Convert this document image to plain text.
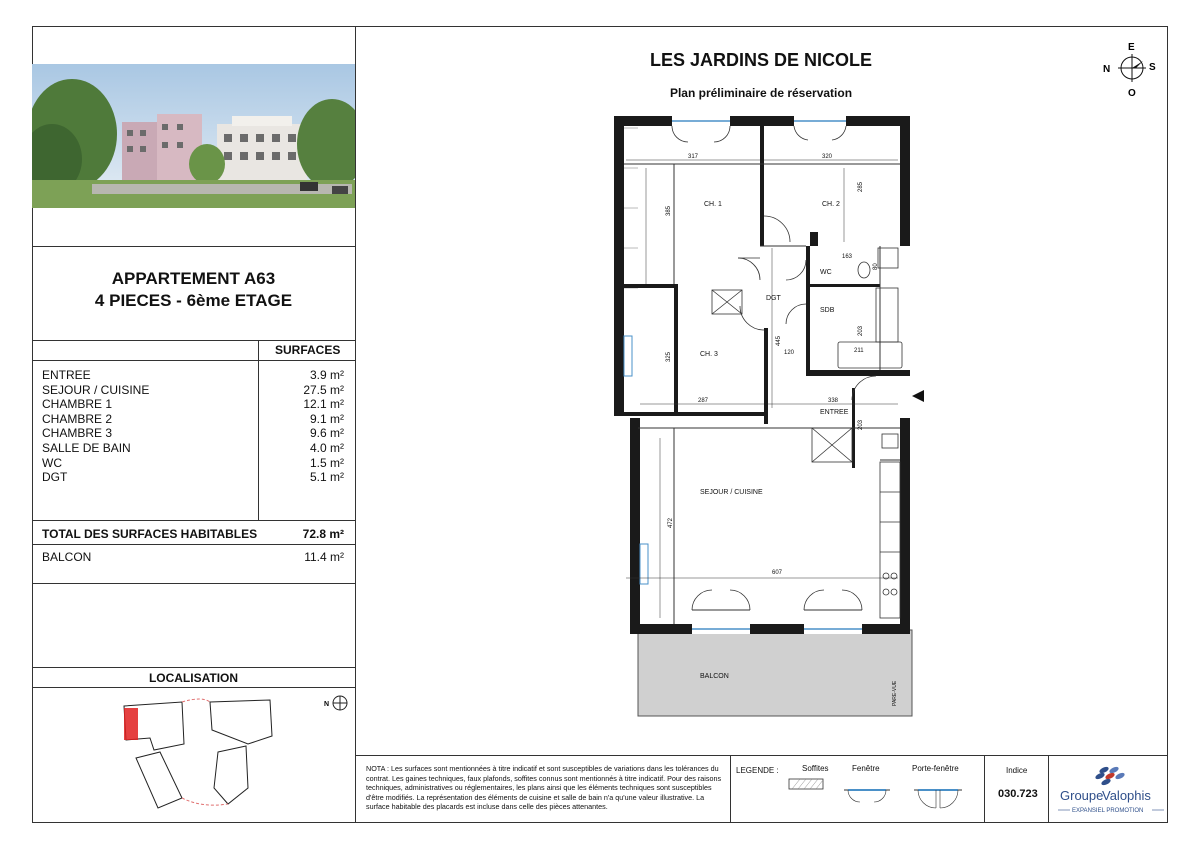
APPARTEMENT A63
4 PIECES - 6ème ETAGE
SURFACES
ENTREE	3.9 m²
SEJOUR / CUISINE	27.5 m²
CHAMBRE 1	12.1 m²
CHAMBRE 2	9.1 m²
CHAMBRE 3	9.6 m²
SALLE DE BAIN	4.0 m²
WC	1.5 m²
DGT	5.1 m²
TOTAL DES SURFACES HABITABLES	72.8 m²
BALCON	11.4 m²
LOCALISATION
N
LES JARDINS DE NICOLE
Plan préliminaire de réservation
E
N	S
O
317	320
385
285
163
80
203
211
325
445
120
287	338
203
472
607
CH. 1	CH. 2
WC
SDB
DGT
CH. 3
ENTREE
SEJOUR / CUISINE
BALCON
PARE-VUE
NOTA : Les surfaces sont mentionnées à titre indicatif et sont susceptibles de variations dans les tolérances du contrat. Les gaines techniques, faux plafonds, soffites connus sont mentionnés à titre indicatif. Pour des raisons techniques, administratives ou réglementaires, les plans ainsi que les éléments techniques sont susceptibles d'être modifiés. La représentation des éléments de cuisine et salle de bain n'a qu'une valeur illustrative. La surface habitable des placards est incluse dans celle des pièces attenantes.
LEGENDE :	Soffites	Fenêtre	Porte-fenêtre	Indice
030.723 Groupe
Valophis
EXPANSIEL PROMOTION
